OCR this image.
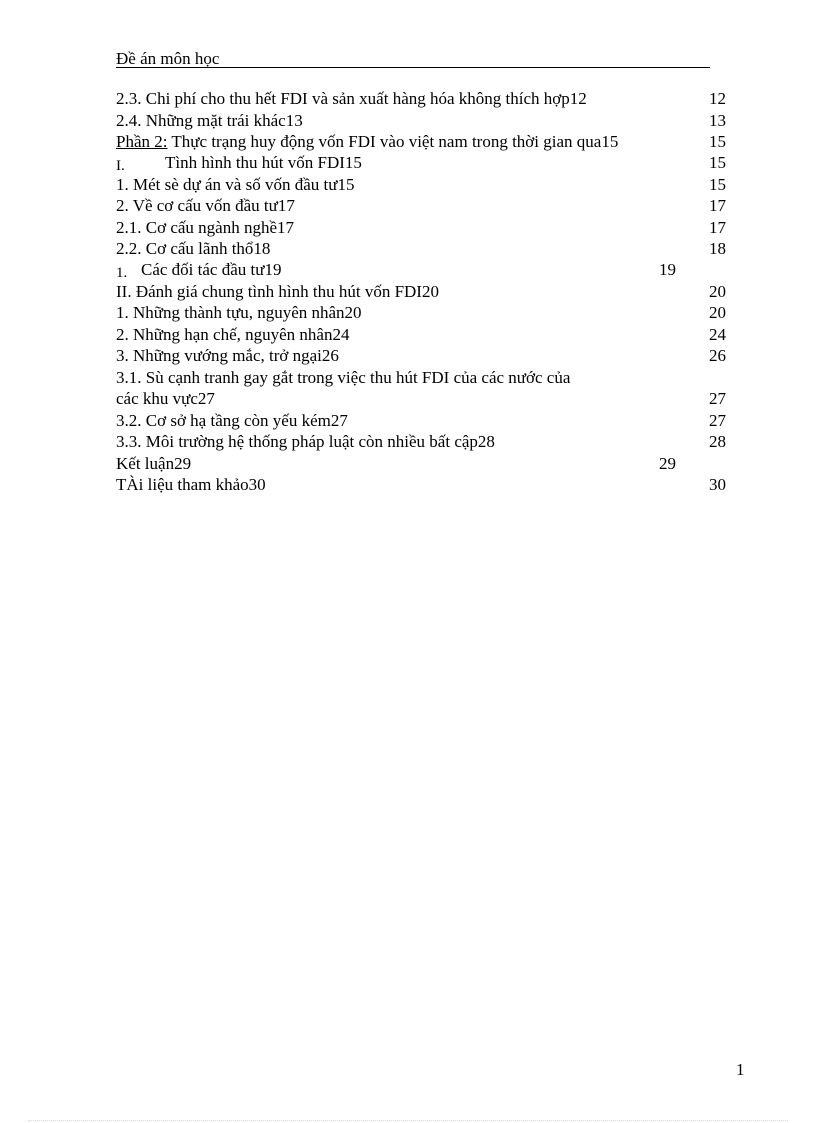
Đề án môn học
2.3. Chi phí cho thu hết FDI và sản xuất hàng hóa không thích hợp12	12
2.4. Những mặt trái khác13	13
Phần 2: Thực trạng huy động vốn FDI vào việt nam trong thời gian qua15	15
I. Tình hình thu hút vốn FDI15	15
1. Mét sè dự án và số vốn đầu tư15	15
2. Về cơ cấu vốn đầu tư17	17
2.1. Cơ cấu ngành nghề17	17
2.2. Cơ cấu lãnh thổ18	18
1. Các đối tác đầu tư19	19
II. Đánh giá chung tình hình thu hút vốn FDI20	20
1. Những thành tựu, nguyên nhân20	20
2. Những hạn chế, nguyên nhân24	24
3. Những vướng mắc, trở ngại26	26
3.1. Sù cạnh tranh gay gắt trong việc thu hút FDI của các nước của
các khu vực27	27
3.2. Cơ sở hạ tầng còn yếu kém27	27
3.3. Môi trường hệ thống pháp luật còn nhiều bất cập28	28
Kết luận29	29
TÀi liệu tham khảo30	30
1
